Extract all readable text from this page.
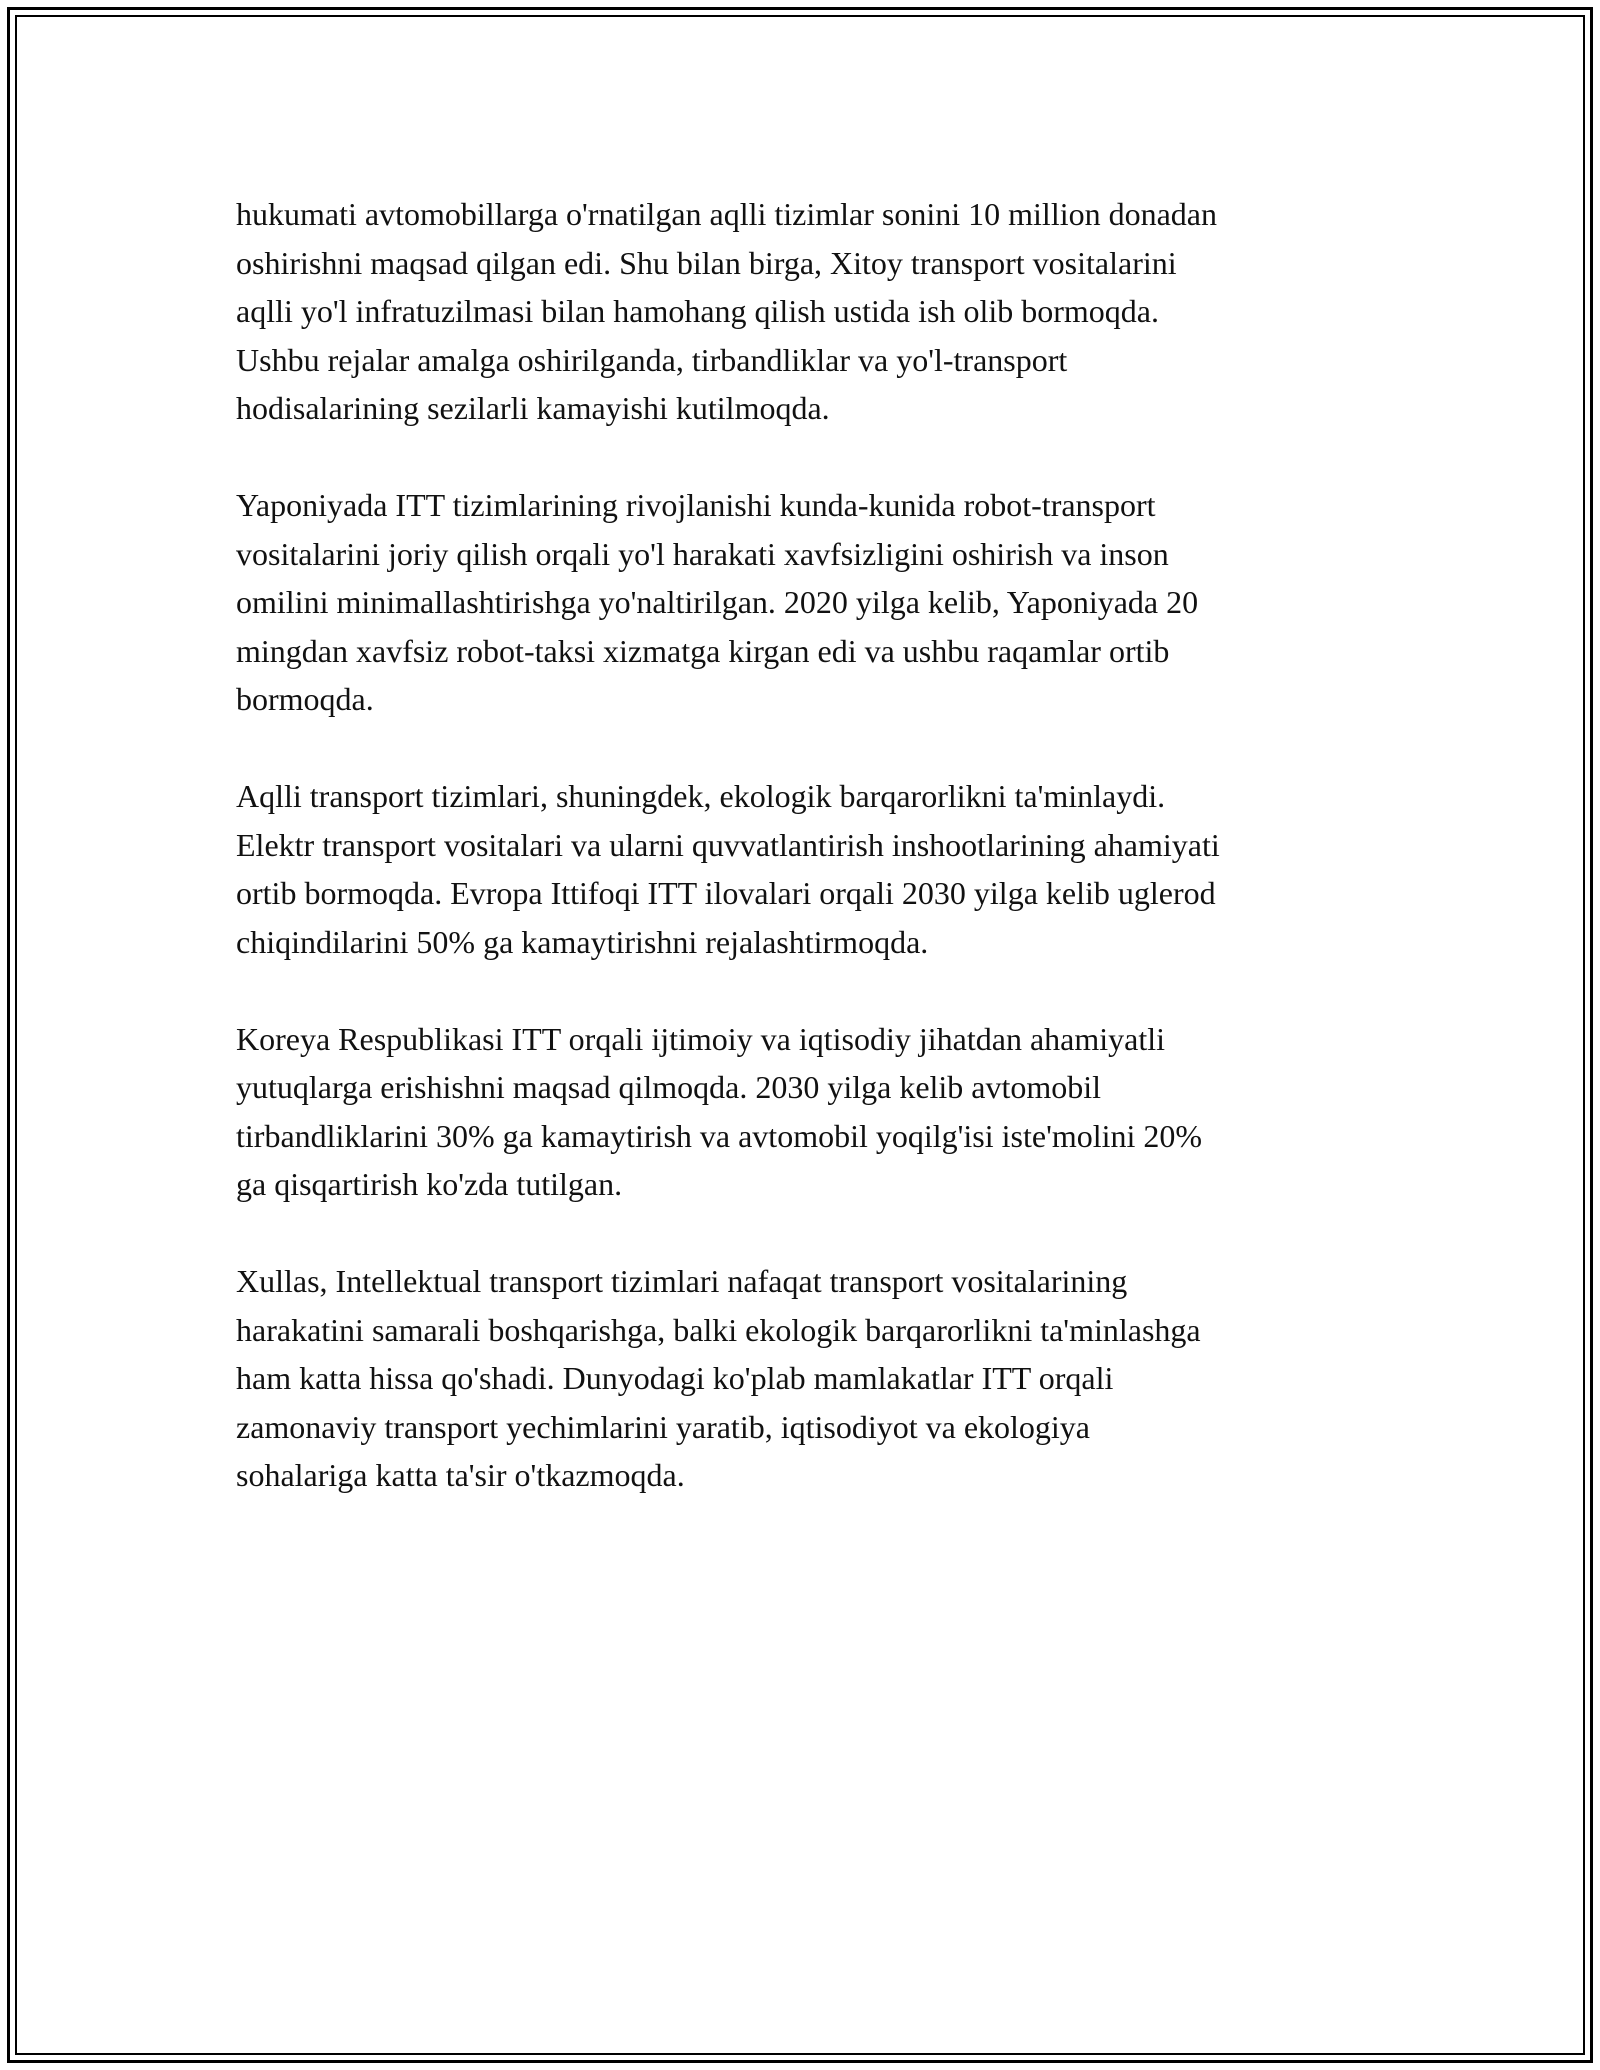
hukumati avtomobillarga o'rnatilgan aqlli tizimlar sonini 10 million donadan
oshirishni maqsad qilgan edi. Shu bilan birga, Xitoy transport vositalarini
aqlli yo'l infratuzilmasi bilan hamohang qilish ustida ish olib bormoqda.
Ushbu rejalar amalga oshirilganda, tirbandliklar va yo'l-transport
hodisalarining sezilarli kamayishi kutilmoqda.

Yaponiyada ITT tizimlarining rivojlanishi kunda-kunida robot-transport
vositalarini joriy qilish orqali yo'l harakati xavfsizligini oshirish va inson
omilini minimallashtirishga yo'naltirilgan. 2020 yilga kelib, Yaponiyada 20
mingdan xavfsiz robot-taksi xizmatga kirgan edi va ushbu raqamlar ortib
bormoqda.

Aqlli transport tizimlari, shuningdek, ekologik barqarorlikni ta'minlaydi.
Elektr transport vositalari va ularni quvvatlantirish inshootlarining ahamiyati
ortib bormoqda. Evropa Ittifoqi ITT ilovalari orqali 2030 yilga kelib uglerod
chiqindilarini 50% ga kamaytirishni rejalashtirmoqda.

Koreya Respublikasi ITT orqali ijtimoiy va iqtisodiy jihatdan ahamiyatli
yutuqlarga erishishni maqsad qilmoqda. 2030 yilga kelib avtomobil
tirbandliklarini 30% ga kamaytirish va avtomobil yoqilg'isi iste'molini 20%
ga qisqartirish ko'zda tutilgan.

Xullas, Intellektual transport tizimlari nafaqat transport vositalarining
harakatini samarali boshqarishga, balki ekologik barqarorlikni ta'minlashga
ham katta hissa qo'shadi. Dunyodagi ko'plab mamlakatlar ITT orqali
zamonaviy transport yechimlarini yaratib, iqtisodiyot va ekologiya
sohalariga katta ta'sir o'tkazmoqda.
